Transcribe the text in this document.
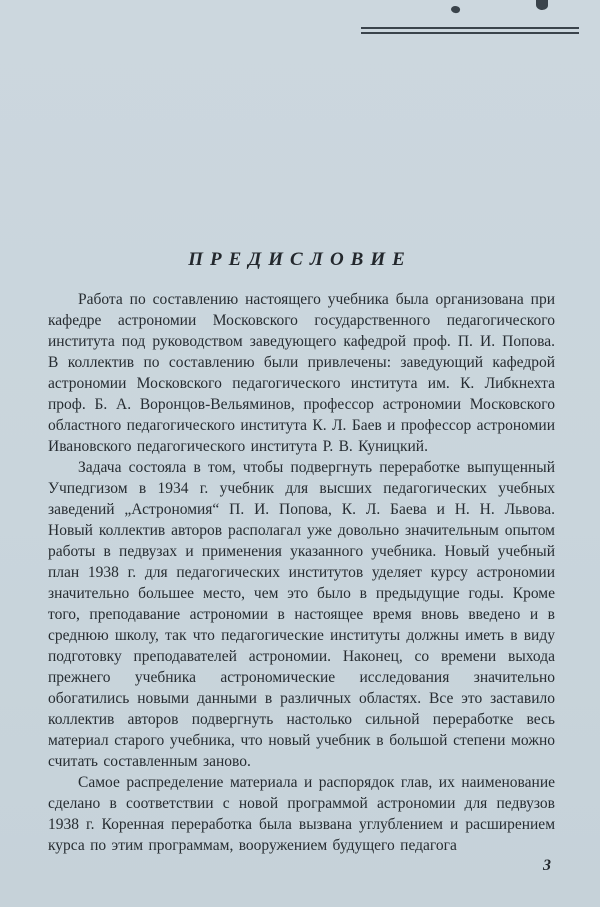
ПРЕДИСЛОВИЕ

Работа по составлению настоящего учебника была организована при кафедре астрономии Московского государственного педагогического института под руководством заведующего кафедрой проф. П. И. Попова. В коллектив по составлению были привлечены: заведующий кафедрой астрономии Московского педагогического института им. К. Либкнехта проф. Б. А. Воронцов-Вельяминов, профессор астрономии Московского областного педагогического института К. Л. Баев и профессор астрономии Ивановского педагогического института Р. В. Куницкий.

Задача состояла в том, чтобы подвергнуть переработке выпущенный Учпедгизом в 1934 г. учебник для высших педагогических учебных заведений „Астрономия“ П. И. Попова, К. Л. Баева и Н. Н. Львова. Новый коллектив авторов располагал уже довольно значительным опытом работы в педвузах и применения указанного учебника. Новый учебный план 1938 г. для педагогических институтов уделяет курсу астрономии значительно большее место, чем это было в предыдущие годы. Кроме того, преподавание астрономии в настоящее время вновь введено и в среднюю школу, так что педагогические институты должны иметь в виду подготовку преподавателей астрономии. Наконец, со времени выхода прежнего учебника астрономические исследования значительно обогатились новыми данными в различных областях. Все это заставило коллектив авторов подвергнуть настолько сильной переработке весь материал старого учебника, что новый учебник в большой степени можно считать составленным заново.

Самое распределение материала и распорядок глав, их наименование сделано в соответствии с новой программой астрономии для педвузов 1938 г. Коренная переработка была вызвана углублением и расширением курса по этим программам, вооружением будущего педагога

3
